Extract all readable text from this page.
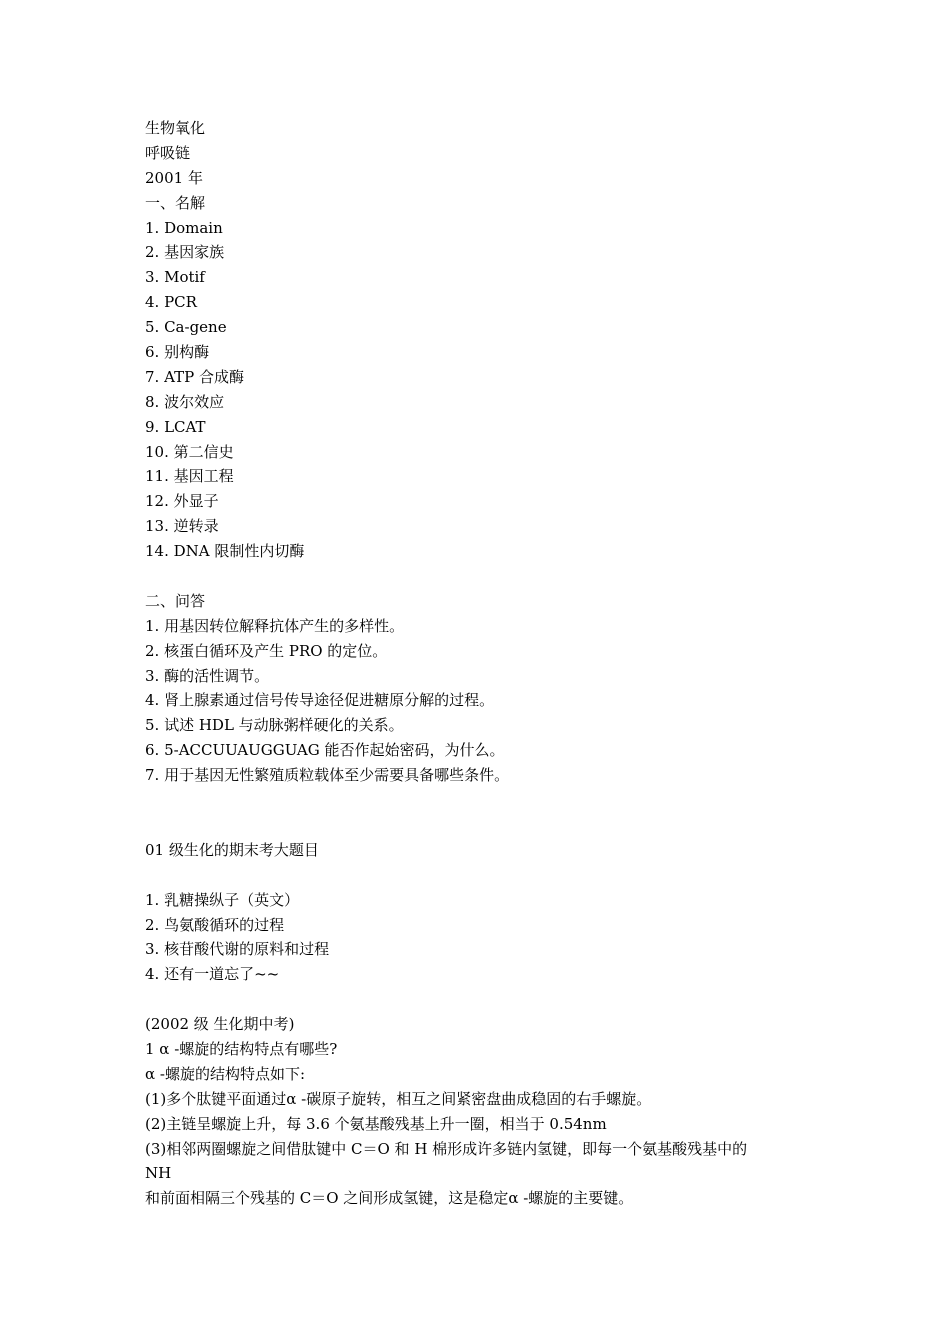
生物氧化
呼吸链
2001 年
一、名解
1. Domain
2. 基因家族
3. Motif
4. PCR
5. Ca-gene
6. 别构酶
7. ATP 合成酶
8. 波尔效应
9. LCAT
10. 第二信史
11. 基因工程
12. 外显子
13. 逆转录
14. DNA 限制性内切酶
二、问答
1. 用基因转位解释抗体产生的多样性。
2. 核蛋白循环及产生 PRO 的定位。
3. 酶的活性调节。
4. 肾上腺素通过信号传导途径促进糖原分解的过程。
5. 试述 HDL 与动脉粥样硬化的关系。
6. 5-ACCUUAUGGUAG 能否作起始密码，为什么。
7. 用于基因无性繁殖质粒载体至少需要具备哪些条件。
01 级生化的期末考大题目
1. 乳糖操纵子（英文）
2. 鸟氨酸循环的过程
3. 核苷酸代谢的原料和过程
4. 还有一道忘了~~
(2002 级 生化期中考)
1 α -螺旋的结构特点有哪些?
α -螺旋的结构特点如下:
(1)多个肽键平面通过α -碳原子旋转，相互之间紧密盘曲成稳固的右手螺旋。
(2)主链呈螺旋上升，每 3.6 个氨基酸残基上升一圈，相当于 0.54nm
(3)相邻两圈螺旋之间借肽键中 C＝O 和 H 棉形成许多链内氢键，即每一个氨基酸残基中的
NH
和前面相隔三个残基的 C＝O 之间形成氢键，这是稳定α -螺旋的主要键。
